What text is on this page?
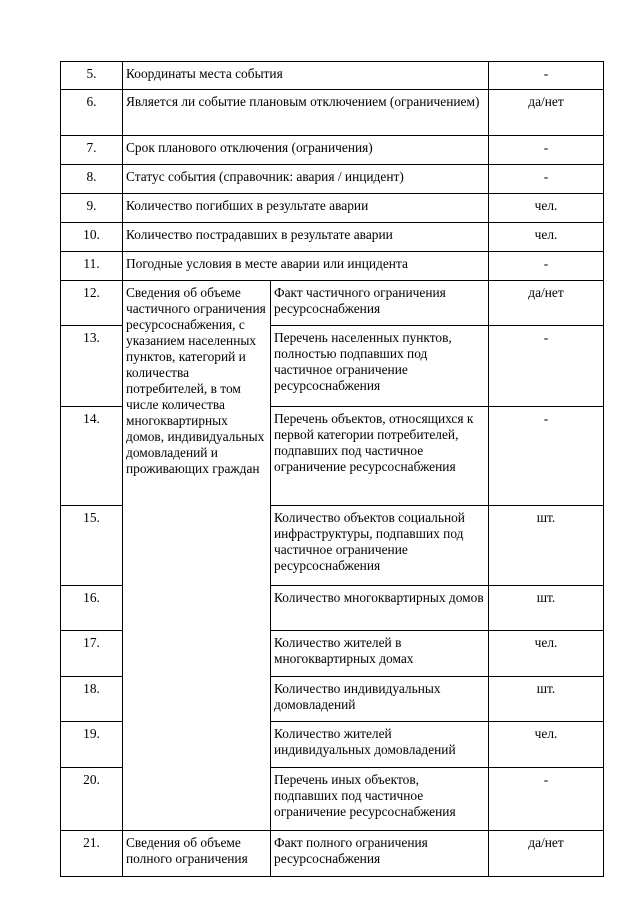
5.	Координаты места события		-
6.	Является ли событие плановым отключением (ограничением)		да/нет
7.	Срок планового отключения (ограничения)		-
8.	Статус события (справочник: авария / инцидент)		-
9.	Количество погибших в результате аварии		чел.
10.	Количество пострадавших в результате аварии		чел.
11.	Погодные условия в месте аварии или инцидента		-
12.	Сведения об объеме частичного ограничения ресурсоснабжения, с указанием населенных пунктов, категорий и количества потребителей, в том числе количества многоквартирных домов, индивидуальных домовладений и проживающих граждан	Факт частичного ограничения ресурсоснабжения	да/нет
13.		Перечень населенных пунктов, полностью подпавших под частичное ограничение ресурсоснабжения	-
14.		Перечень объектов, относящихся к первой категории потребителей, подпавших под частичное ограничение ресурсоснабжения	-
15.		Количество объектов социальной инфраструктуры, подпавших под частичное ограничение ресурсоснабжения	шт.
16.		Количество многоквартирных домов	шт.
17.		Количество жителей в многоквартирных домах	чел.
18.		Количество индивидуальных домовладений	шт.
19.		Количество жителей индивидуальных домовладений	чел.
20.		Перечень иных объектов, подпавших под частичное ограничение ресурсоснабжения	-
21.	Сведения об объеме полного ограничения	Факт полного ограничения ресурсоснабжения	да/нет
